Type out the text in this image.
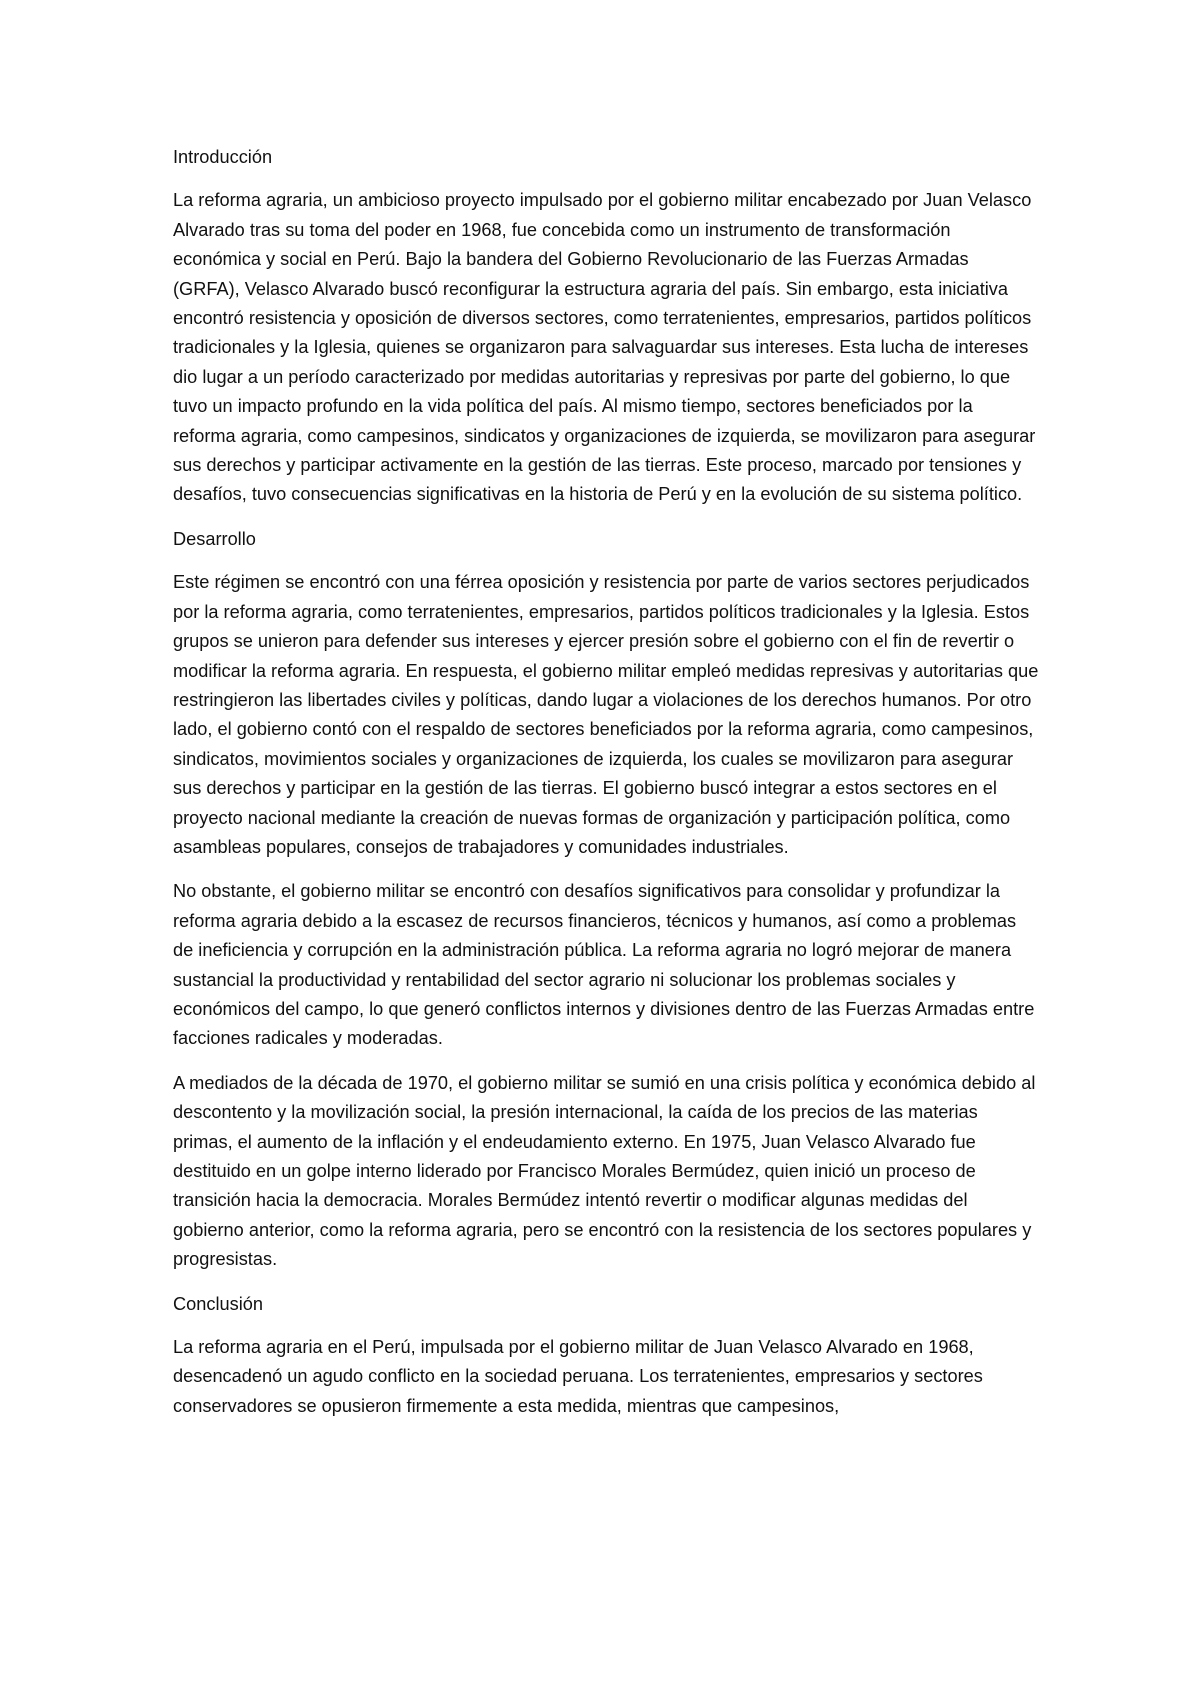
Introducción

La reforma agraria, un ambicioso proyecto impulsado por el gobierno militar encabezado por Juan Velasco Alvarado tras su toma del poder en 1968, fue concebida como un instrumento de transformación económica y social en Perú. Bajo la bandera del Gobierno Revolucionario de las Fuerzas Armadas (GRFA), Velasco Alvarado buscó reconfigurar la estructura agraria del país. Sin embargo, esta iniciativa encontró resistencia y oposición de diversos sectores, como terratenientes, empresarios, partidos políticos tradicionales y la Iglesia, quienes se organizaron para salvaguardar sus intereses. Esta lucha de intereses dio lugar a un período caracterizado por medidas autoritarias y represivas por parte del gobierno, lo que tuvo un impacto profundo en la vida política del país. Al mismo tiempo, sectores beneficiados por la reforma agraria, como campesinos, sindicatos y organizaciones de izquierda, se movilizaron para asegurar sus derechos y participar activamente en la gestión de las tierras. Este proceso, marcado por tensiones y desafíos, tuvo consecuencias significativas en la historia de Perú y en la evolución de su sistema político.

Desarrollo

Este régimen se encontró con una férrea oposición y resistencia por parte de varios sectores perjudicados por la reforma agraria, como terratenientes, empresarios, partidos políticos tradicionales y la Iglesia. Estos grupos se unieron para defender sus intereses y ejercer presión sobre el gobierno con el fin de revertir o modificar la reforma agraria. En respuesta, el gobierno militar empleó medidas represivas y autoritarias que restringieron las libertades civiles y políticas, dando lugar a violaciones de los derechos humanos. Por otro lado, el gobierno contó con el respaldo de sectores beneficiados por la reforma agraria, como campesinos, sindicatos, movimientos sociales y organizaciones de izquierda, los cuales se movilizaron para asegurar sus derechos y participar en la gestión de las tierras. El gobierno buscó integrar a estos sectores en el proyecto nacional mediante la creación de nuevas formas de organización y participación política, como asambleas populares, consejos de trabajadores y comunidades industriales.

No obstante, el gobierno militar se encontró con desafíos significativos para consolidar y profundizar la reforma agraria debido a la escasez de recursos financieros, técnicos y humanos, así como a problemas de ineficiencia y corrupción en la administración pública. La reforma agraria no logró mejorar de manera sustancial la productividad y rentabilidad del sector agrario ni solucionar los problemas sociales y económicos del campo, lo que generó conflictos internos y divisiones dentro de las Fuerzas Armadas entre facciones radicales y moderadas.

A mediados de la década de 1970, el gobierno militar se sumió en una crisis política y económica debido al descontento y la movilización social, la presión internacional, la caída de los precios de las materias primas, el aumento de la inflación y el endeudamiento externo. En 1975, Juan Velasco Alvarado fue destituido en un golpe interno liderado por Francisco Morales Bermúdez, quien inició un proceso de transición hacia la democracia. Morales Bermúdez intentó revertir o modificar algunas medidas del gobierno anterior, como la reforma agraria, pero se encontró con la resistencia de los sectores populares y progresistas.

Conclusión

La reforma agraria en el Perú, impulsada por el gobierno militar de Juan Velasco Alvarado en 1968, desencadenó un agudo conflicto en la sociedad peruana. Los terratenientes, empresarios y sectores conservadores se opusieron firmemente a esta medida, mientras que campesinos,
